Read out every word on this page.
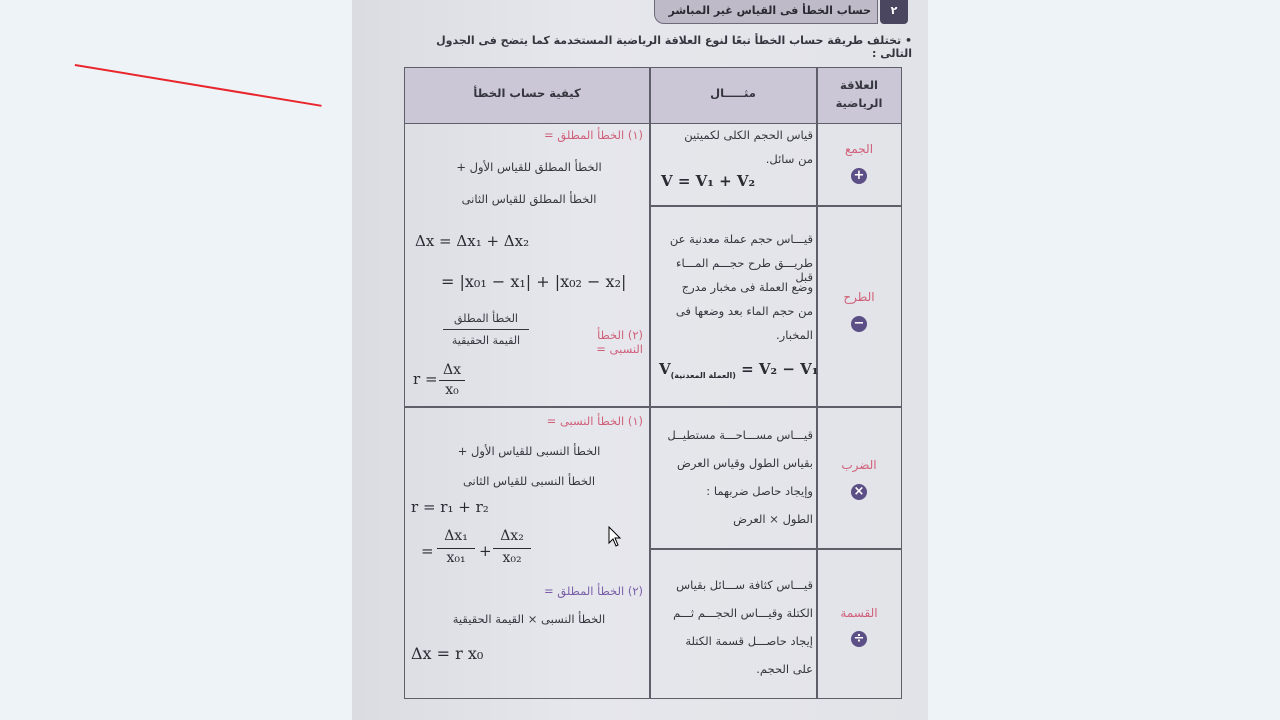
حساب الخطأ فى القياس غير المباشر	٢
• تختلف طريقة حساب الخطأ تبعًا لنوع العلاقة الرياضية المستخدمة كما يتضح فى الجدول التالى :
كيفية حساب الخطأ	مثـــــال
العلاقة الرياضية
الجمع
+
الطرح
−
الضرب
×
القسمة
÷
قياس الحجم الكلى لكميتين
من سائل.
V = V₁ + V₂
قيـــاس حجم عملة معدنية عن
طريـــق طرح حجـــم المـــاء قبل
وضع العملة فى مخبار مدرج
من حجم الماء بعد وضعها فى
المخبار.
$V_{(العملة المعدنية)} = V_2 - V_1$
قيـــاس مســـاحـــة مستطيــل
بقياس الطول وقياس العرض
وإيجاد حاصل ضربهما :
الطول × العرض
قيـــاس كثافة ســـائل بقياس
الكتلة وقيـــاس الحجـــم ثـــم
إيجاد حاصـــل قسمة الكتلة
على الحجم.
(١) الخطأ المطلق =
الخطأ المطلق للقياس الأول +
الخطأ المطلق للقياس الثانى
Δx = Δx₁ + Δx₂
= |x₀₁ − x₁| + |x₀₂ − x₂|
(٢) الخطأ النسبى =
الخطأ المطلق
القيمة الحقيقية
r = Δx
x₀
(١) الخطأ النسبى =
الخطأ النسبى للقياس الأول +
الخطأ النسبى للقياس الثانى
r = r₁ + r₂
=
Δx₁
x₀₁ +
Δx₂
x₀₂
(٢) الخطأ المطلق =
الخطأ النسبى × القيمة الحقيقية
Δx = r x₀
